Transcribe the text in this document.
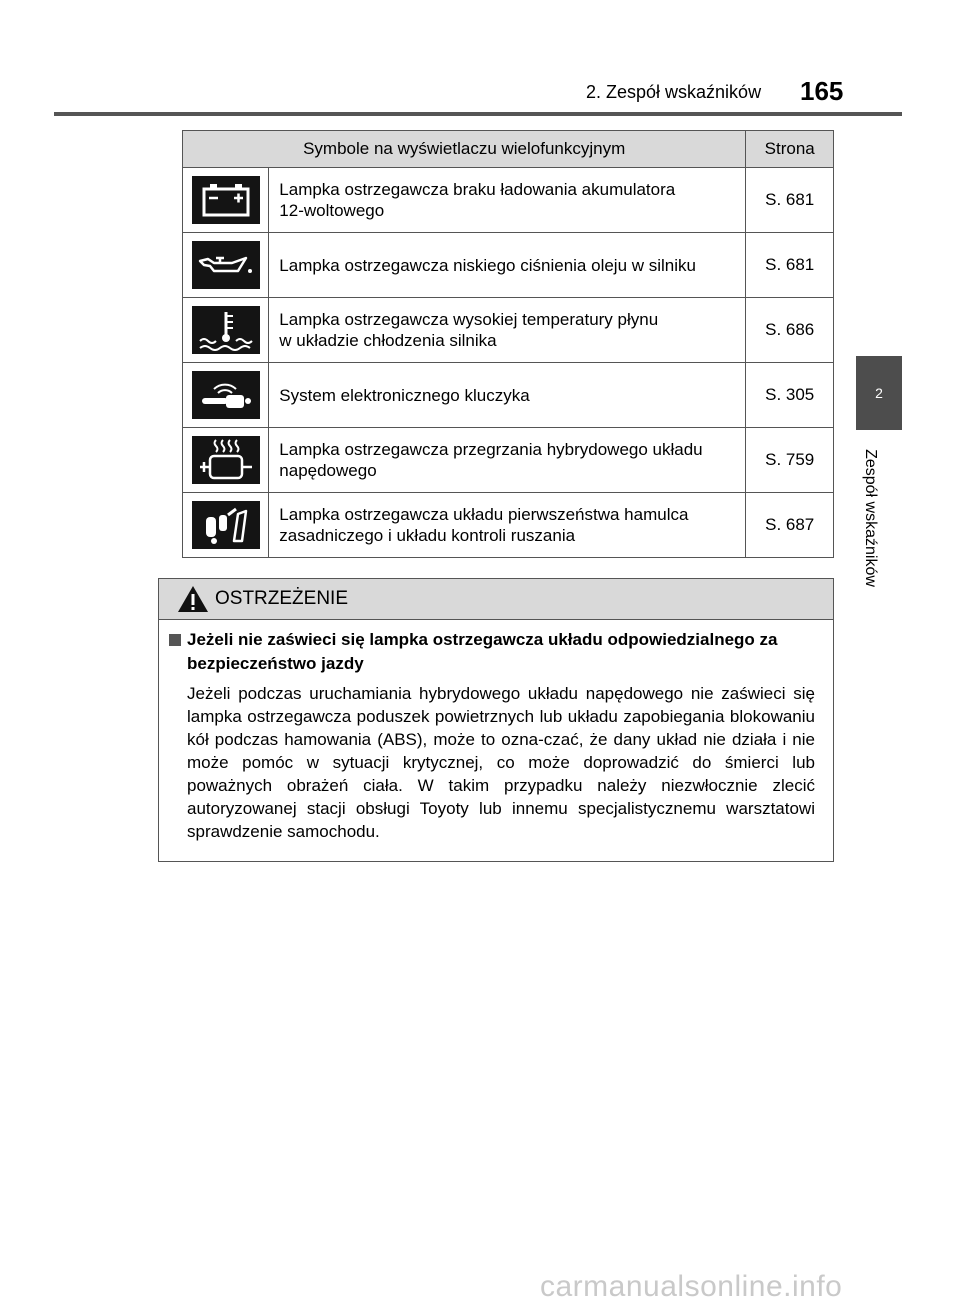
2. Zespół wskaźników 165
2
Zespół wskaźników
Symbole na wyświetlaczu wielofunkcyjnym		Strona

	Lampka ostrzegawcza braku ładowania akumulatora
12-woltowego	S. 681

	Lampka ostrzegawcza niskiego ciśnienia oleju w silniku	S. 681

	Lampka ostrzegawcza wysokiej temperatury płynu
w układzie chłodzenia silnika	S. 686

	System elektronicznego kluczyka	S. 305

	Lampka ostrzegawcza przegrzania hybrydowego układu
napędowego	S. 759

	Lampka ostrzegawcza układu pierwszeństwa hamulca
zasadniczego i układu kontroli ruszania	S. 687
OSTRZEŻENIE
Jeżeli nie zaświeci się lampka ostrzegawcza układu odpowiedzialnego za bezpieczeństwo jazdy
Jeżeli podczas uruchamiania hybrydowego układu napędowego nie zaświeci się lampka ostrzegawcza poduszek powietrznych lub układu zapobiegania blokowaniu kół podczas hamowania (ABS), może to ozna-czać, że dany układ nie działa i nie może pomóc w sytuacji krytycznej, co może doprowadzić do śmierci lub poważnych obrażeń ciała. W takim przypadku należy niezwłocznie zlecić autoryzowanej stacji obsługi Toyoty lub innemu specjalistycznemu warsztatowi sprawdzenie samochodu.
carmanualsonline.info
